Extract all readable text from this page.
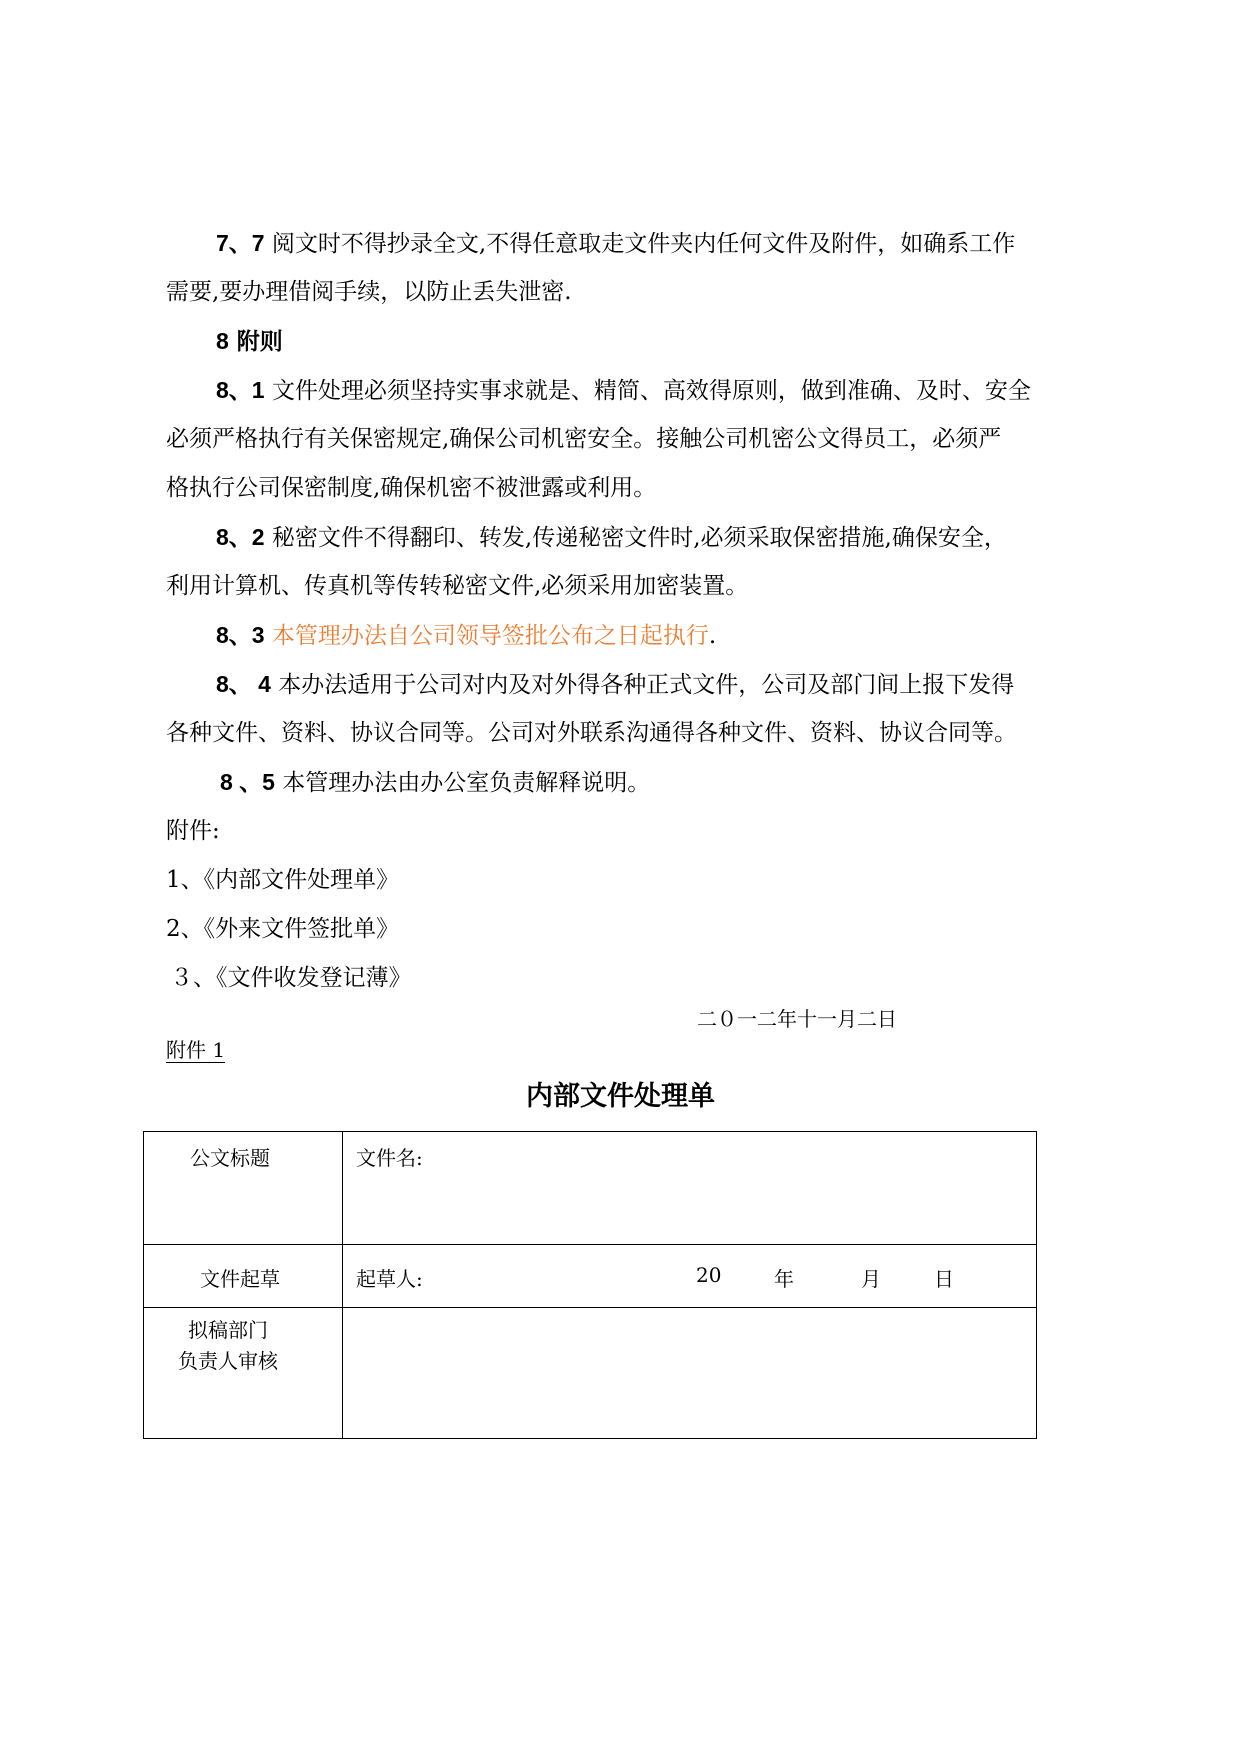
7、7 阅文时不得抄录全文,不得任意取走文件夹内任何文件及附件，如确系工作
需要,要办理借阅手续，以防止丢失泄密.
8 附则
8、1 文件处理必须坚持实事求就是、精简、高效得原则，做到准确、及时、安全
必须严格执行有关保密规定,确保公司机密安全。接触公司机密公文得员工，必须严
格执行公司保密制度,确保机密不被泄露或利用。
8、2 秘密文件不得翻印、转发,传递秘密文件时,必须采取保密措施,确保安全，
利用计算机、传真机等传转秘密文件,必须采用加密装置。
8、3 本管理办法自公司领导签批公布之日起执行.
8、 4 本办法适用于公司对内及对外得各种正式文件，公司及部门间上报下发得
各种文件、资料、协议合同等。公司对外联系沟通得各种文件、资料、协议合同等。
8 、5 本管理办法由办公室负责解释说明。
附件:
1、《内部文件处理单》
2、《外来文件签批单》
３、《文件收发登记薄》
二０一二年十一月二日
附件 1
内部文件处理单
公文标题	文件名:

文件起草	起草人: 20 年 月 日

拟稿部门
负责人审核	
